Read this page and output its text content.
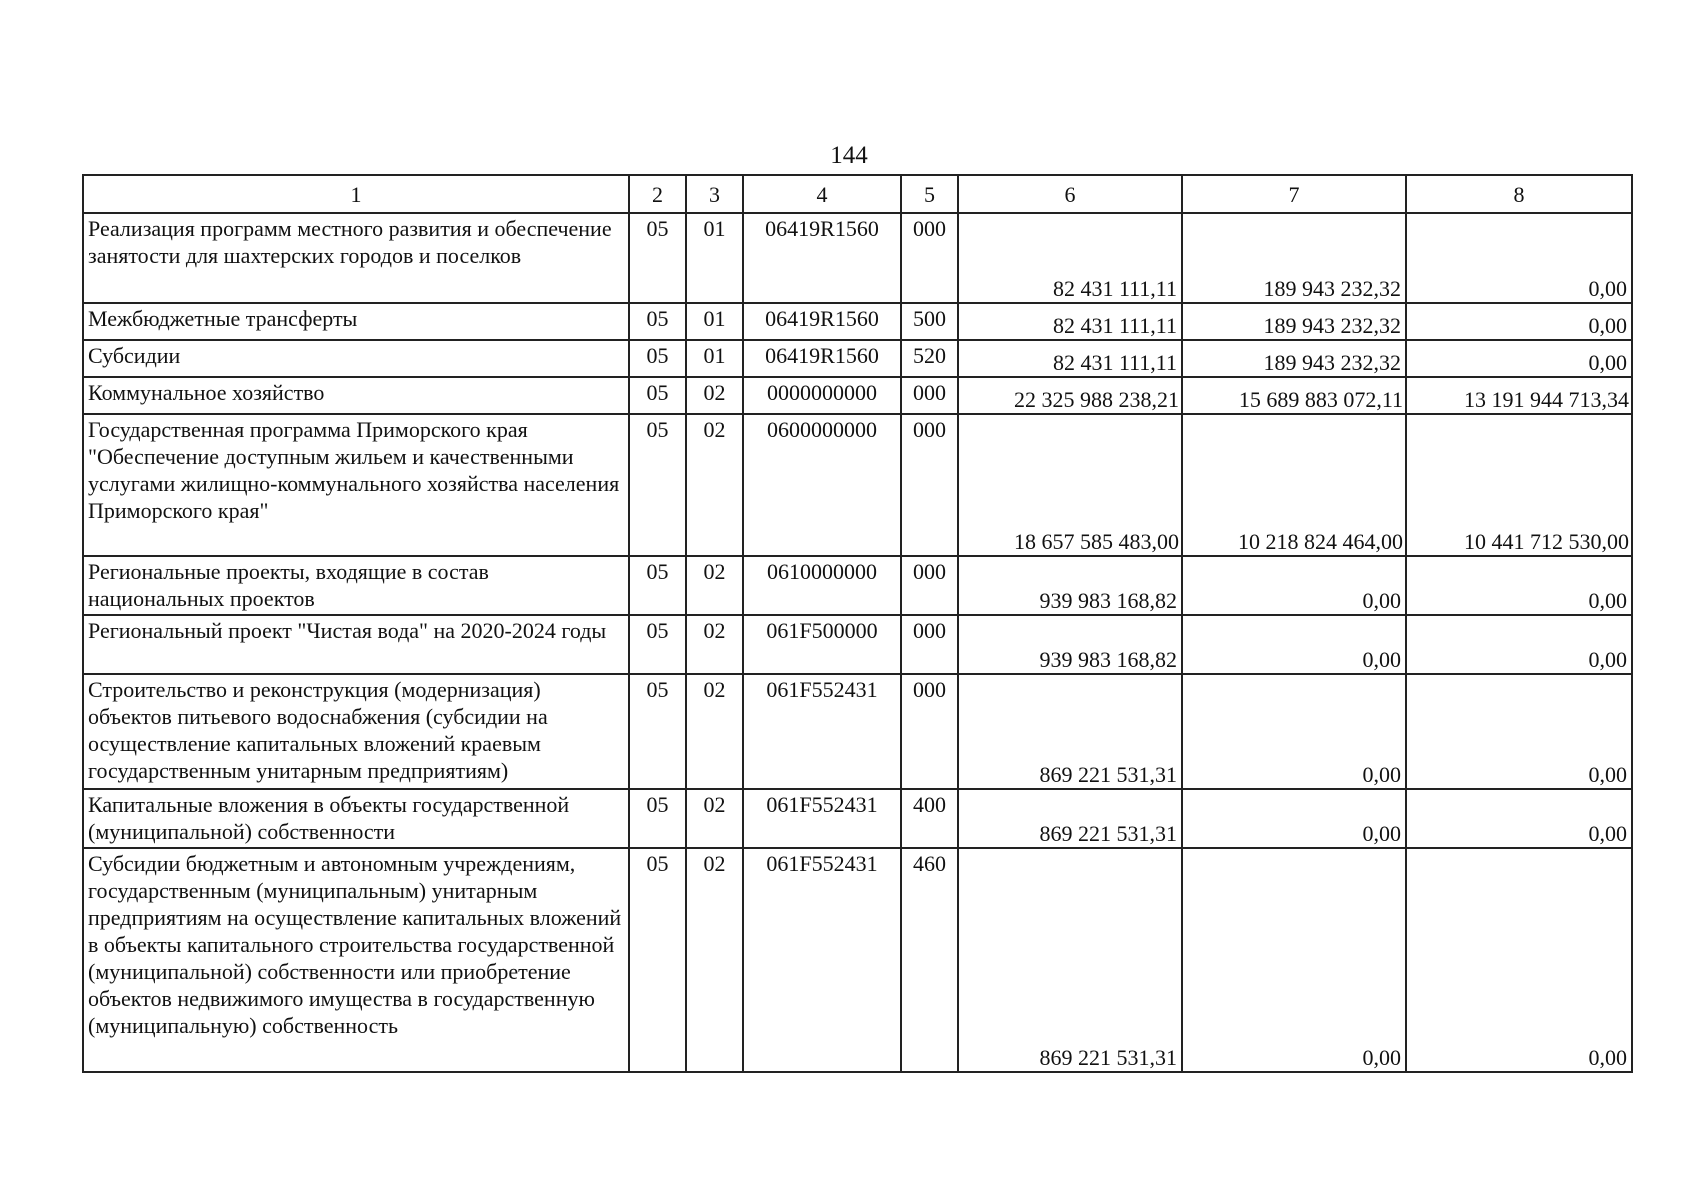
144
1	2	3	4	5	6	7	8
Реализация программ местного развития и обеспечение занятости для шахтерских городов и поселков	05	01	06419R1560	000	82 431 111,11	189 943 232,32	0,00
Межбюджетные трансферты	05	01	06419R1560	500	82 431 111,11	189 943 232,32	0,00
Субсидии	05	01	06419R1560	520	82 431 111,11	189 943 232,32	0,00
Коммунальное хозяйство	05	02	0000000000	000	22 325 988 238,21	15 689 883 072,11	13 191 944 713,34
Государственная программа Приморского края "Обеспечение доступным жильем и качественными услугами жилищно-коммунального хозяйства населения Приморского края"	05	02	0600000000	000	18 657 585 483,00	10 218 824 464,00	10 441 712 530,00
Региональные проекты, входящие в состав национальных проектов	05	02	0610000000	000	939 983 168,82	0,00	0,00
Региональный проект "Чистая вода" на 2020-2024 годы	05	02	061F500000	000	939 983 168,82	0,00	0,00
Строительство и реконструкция (модернизация) объектов питьевого водоснабжения (субсидии на осуществление капитальных вложений краевым государственным унитарным предприятиям)	05	02	061F552431	000	869 221 531,31	0,00	0,00
Капитальные вложения в объекты государственной (муниципальной) собственности	05	02	061F552431	400	869 221 531,31	0,00	0,00
Субсидии бюджетным и автономным учреждениям, государственным (муниципальным) унитарным предприятиям на осуществление капитальных вложений в объекты капитального строительства государственной (муниципальной) собственности или приобретение объектов недвижимого имущества в государственную (муниципальную) собственность	05	02	061F552431	460	869 221 531,31	0,00	0,00
